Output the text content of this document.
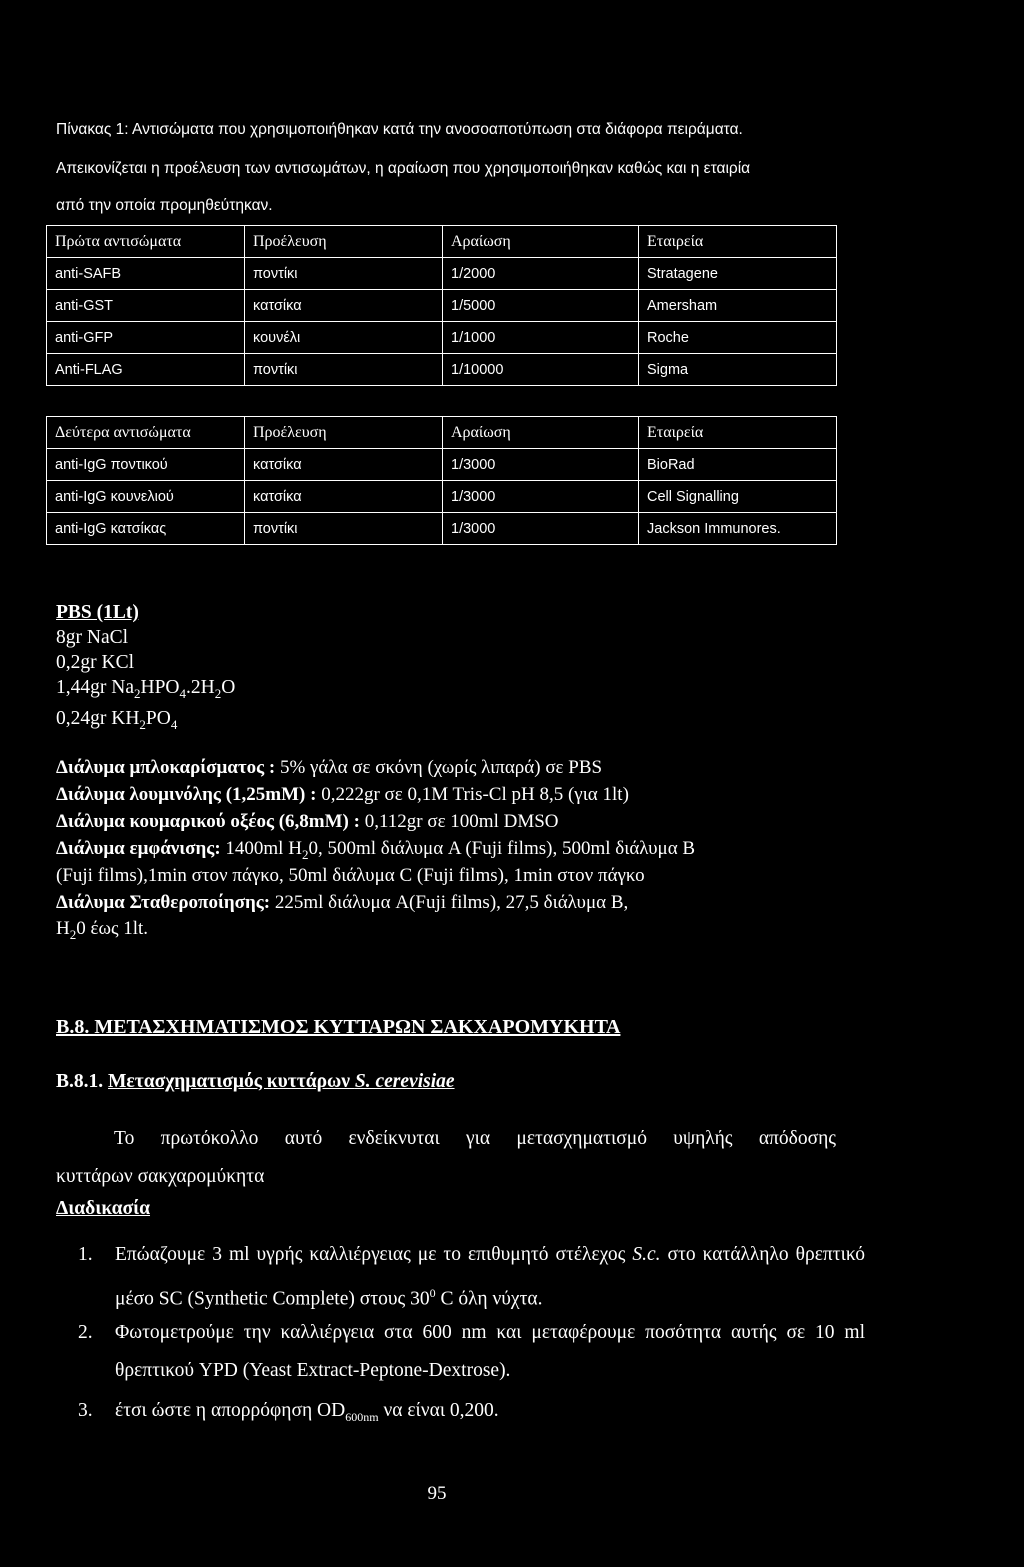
Πίνακας 1: Αντισώματα που χρησιμοποιήθηκαν κατά την ανοσοαποτύπωση στα διάφορα πειράματα.
Απεικονίζεται η προέλευση των αντισωμάτων, η αραίωση που χρησιμοποιήθηκαν καθώς και η εταιρία
από την οποία προμηθεύτηκαν.
Πρώτα αντισώματα	Προέλευση	Αραίωση	Εταιρεία
anti-SAFB	ποντίκι	1/2000	Stratagene
anti-GST	κατσίκα	1/5000	Amersham
anti-GFP	κουνέλι	1/1000	Roche
Anti-FLAG	ποντίκι	1/10000	Sigma
Δεύτερα αντισώματα	Προέλευση	Αραίωση	Εταιρεία
anti-IgG ποντικού	κατσίκα	1/3000	BioRad
anti-IgG κουνελιού	κατσίκα	1/3000	Cell Signalling
anti-IgG κατσίκας	ποντίκι	1/3000	Jackson Immunores.
PBS (1Lt)
8gr NaCl
0,2gr KCl
1,44gr $Na_2HPO_4.2H_2O$
0,24gr $KH_2PO_4$
Διάλυμα μπλοκαρίσματος : 5% γάλα σε σκόνη (χωρίς λιπαρά) σε PBS
Διάλυμα λουμινόλης (1,25mM) : 0,222gr σε 0,1M Tris-Cl pH 8,5 (για 1lt)
Διάλυμα κουμαρικού οξέος (6,8mM) : 0,112gr σε 100ml DMSO
Διάλυμα εμφάνισης: 1400ml $H_20$, 500ml διάλυμα A (Fuji films), 500ml διάλυμα B
(Fuji films),1min στον πάγκο, 50ml διάλυμα C (Fuji films), 1min στον πάγκο
Διάλυμα Σταθεροποίησης: 225ml διάλυμα A(Fuji films), 27,5 διάλυμα B,
$H_20$ έως 1lt.
B.8. ΜΕΤΑΣΧΗΜΑΤΙΣΜΟΣ ΚΥΤΤΑΡΩΝ ΣΑΚΧΑΡΟΜΥΚΗΤΑ
B.8.1. Μετασχηματισμός κυττάρων S. cerevisiae
Το πρωτόκολλο αυτό ενδείκνυται για μετασχηματισμό υψηλής απόδοσης
κυττάρων σακχαρομύκητα
Διαδικασία
1. Επώαζουμε 3 ml υγρής καλλιέργειας με το επιθυμητό στέλεχος S.c. στο κατάλληλο θρεπτικό μέσο SC (Synthetic Complete) στους $30^0$ C όλη νύχτα.
2. Φωτομετρούμε την καλλιέργεια στα 600 nm και μεταφέρουμε ποσότητα αυτής σε 10 ml θρεπτικού YPD (Yeast Extract-Peptone-Dextrose).
3. έτσι ώστε η απορρόφηση $OD_{600nm}$ να είναι 0,200.
95
